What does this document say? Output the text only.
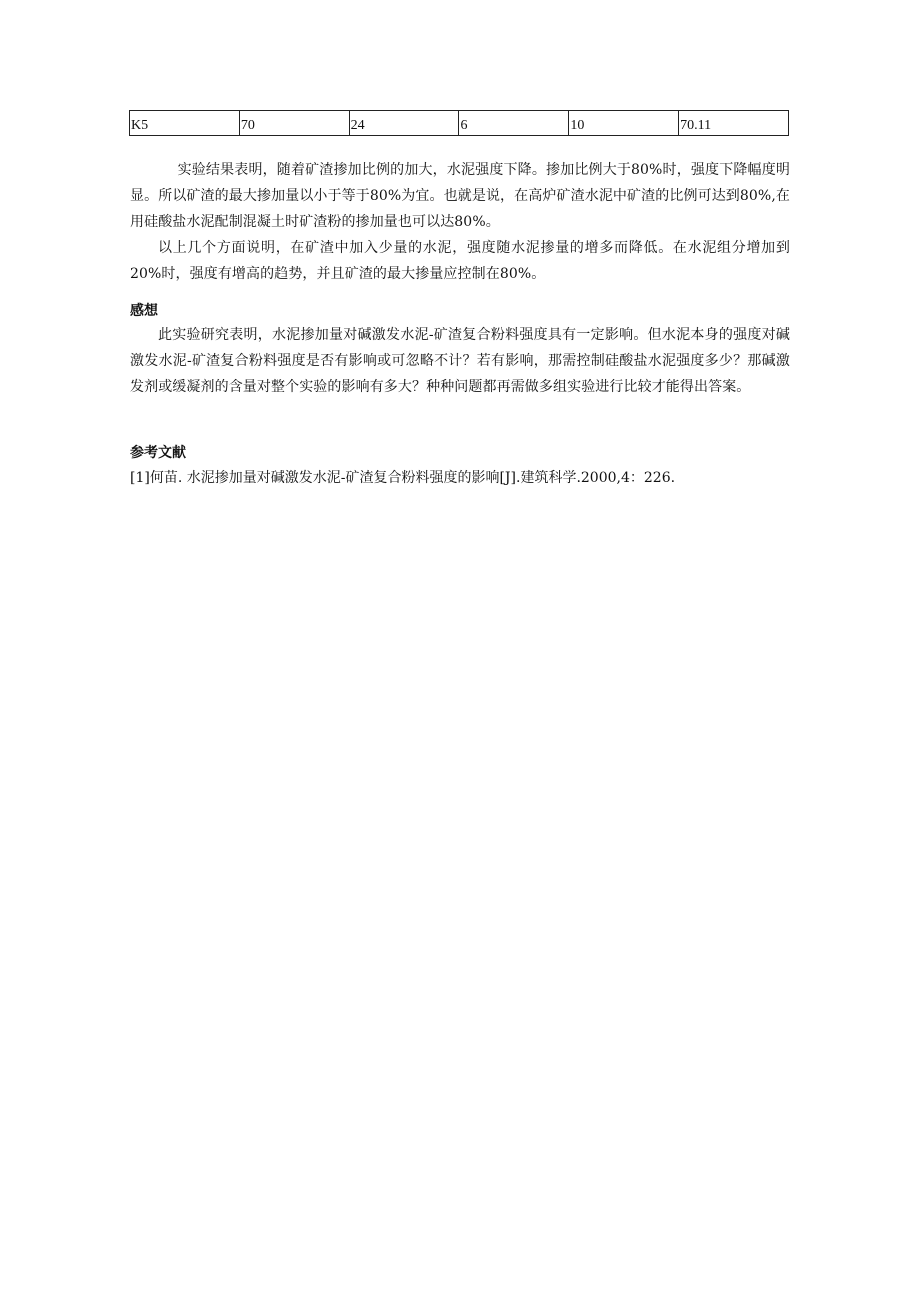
K5	70	24	6	10	70.11

实验结果表明，随着矿渣掺加比例的加大，水泥强度下降。掺加比例大于80%时，强度下降幅度明显。所以矿渣的最大掺加量以小于等于80%为宜。也就是说，在高炉矿渣水泥中矿渣的比例可达到80%,在用硅酸盐水泥配制混凝土时矿渣粉的掺加量也可以达80%。

以上几个方面说明，在矿渣中加入少量的水泥，强度随水泥掺量的增多而降低。在水泥组分增加到20%时，强度有增高的趋势，并且矿渣的最大掺量应控制在80%。

感想

此实验研究表明，水泥掺加量对碱激发水泥-矿渣复合粉料强度具有一定影响。但水泥本身的强度对碱激发水泥-矿渣复合粉料强度是否有影响或可忽略不计？若有影响，那需控制硅酸盐水泥强度多少？那碱激发剂或缓凝剂的含量对整个实验的影响有多大？种种问题都再需做多组实验进行比较才能得出答案。

参考文献

[1]何苗. 水泥掺加量对碱激发水泥-矿渣复合粉料强度的影响[J].建筑科学.2000,4：226.
